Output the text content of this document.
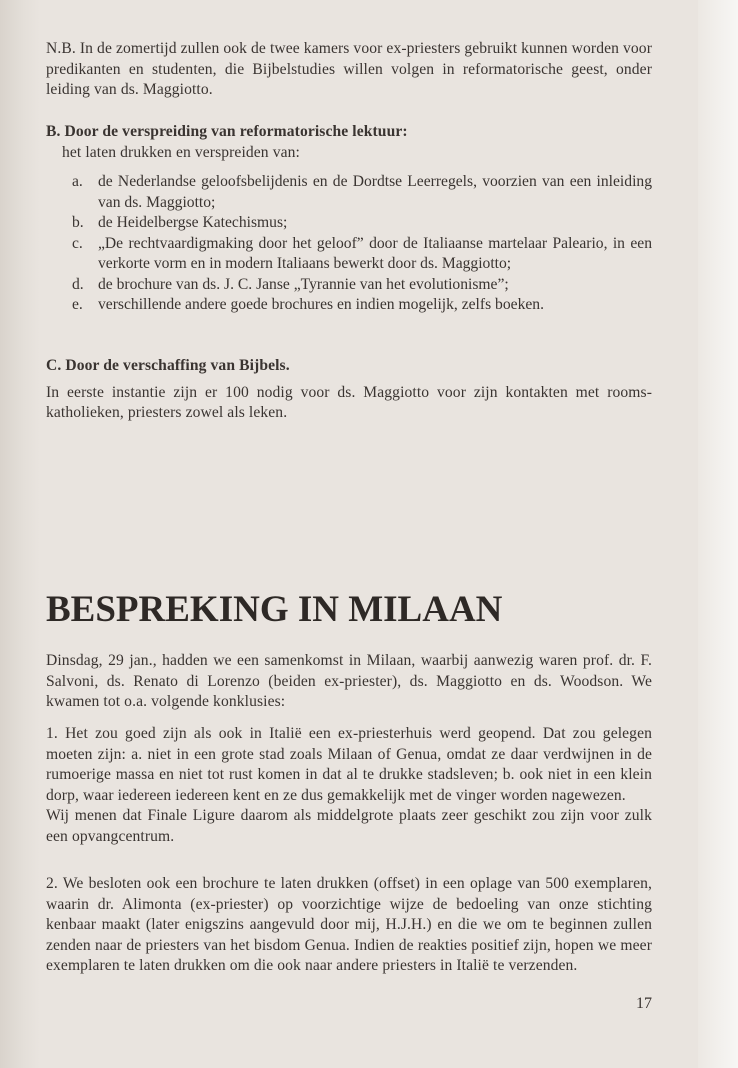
N.B. In de zomertijd zullen ook de twee kamers voor ex-priesters gebruikt kunnen worden voor predikanten en studenten, die Bijbelstudies willen volgen in reformatorische geest, onder leiding van ds. Maggiotto.

B. Door de verspreiding van reformatorische lektuur:

het laten drukken en verspreiden van:

a. de Nederlandse geloofsbelijdenis en de Dordtse Leerregels, voorzien van een inleiding van ds. Maggiotto;
b. de Heidelbergse Katechismus;
c. „De rechtvaardigmaking door het geloof” door de Italiaanse martelaar Paleario, in een verkorte vorm en in modern Italiaans bewerkt door ds. Maggiotto;
d. de brochure van ds. J. C. Janse „Tyrannie van het evolutionisme”;
e. verschillende andere goede brochures en indien mogelijk, zelfs boeken.

C. Door de verschaffing van Bijbels.

In eerste instantie zijn er 100 nodig voor ds. Maggiotto voor zijn kontakten met rooms-katholieken, priesters zowel als leken.

BESPREKING IN MILAAN

Dinsdag, 29 jan., hadden we een samenkomst in Milaan, waarbij aanwezig waren prof. dr. F. Salvoni, ds. Renato di Lorenzo (beiden ex-priester), ds. Maggiotto en ds. Woodson. We kwamen tot o.a. volgende konklusies:

1. Het zou goed zijn als ook in Italië een ex-priesterhuis werd geopend. Dat zou gelegen moeten zijn: a. niet in een grote stad zoals Milaan of Genua, omdat ze daar verdwijnen in de rumoerige massa en niet tot rust komen in dat al te drukke stadsleven; b. ook niet in een klein dorp, waar iedereen iedereen kent en ze dus gemakkelijk met de vinger worden nagewezen.

Wij menen dat Finale Ligure daarom als middelgrote plaats zeer geschikt zou zijn voor zulk een opvangcentrum.

2. We besloten ook een brochure te laten drukken (offset) in een oplage van 500 exemplaren, waarin dr. Alimonta (ex-priester) op voorzichtige wijze de bedoeling van onze stichting kenbaar maakt (later enigszins aangevuld door mij, H.J.H.) en die we om te beginnen zullen zenden naar de priesters van het bisdom Genua. Indien de reakties positief zijn, hopen we meer exemplaren te laten drukken om die ook naar andere priesters in Italië te verzenden.

17
